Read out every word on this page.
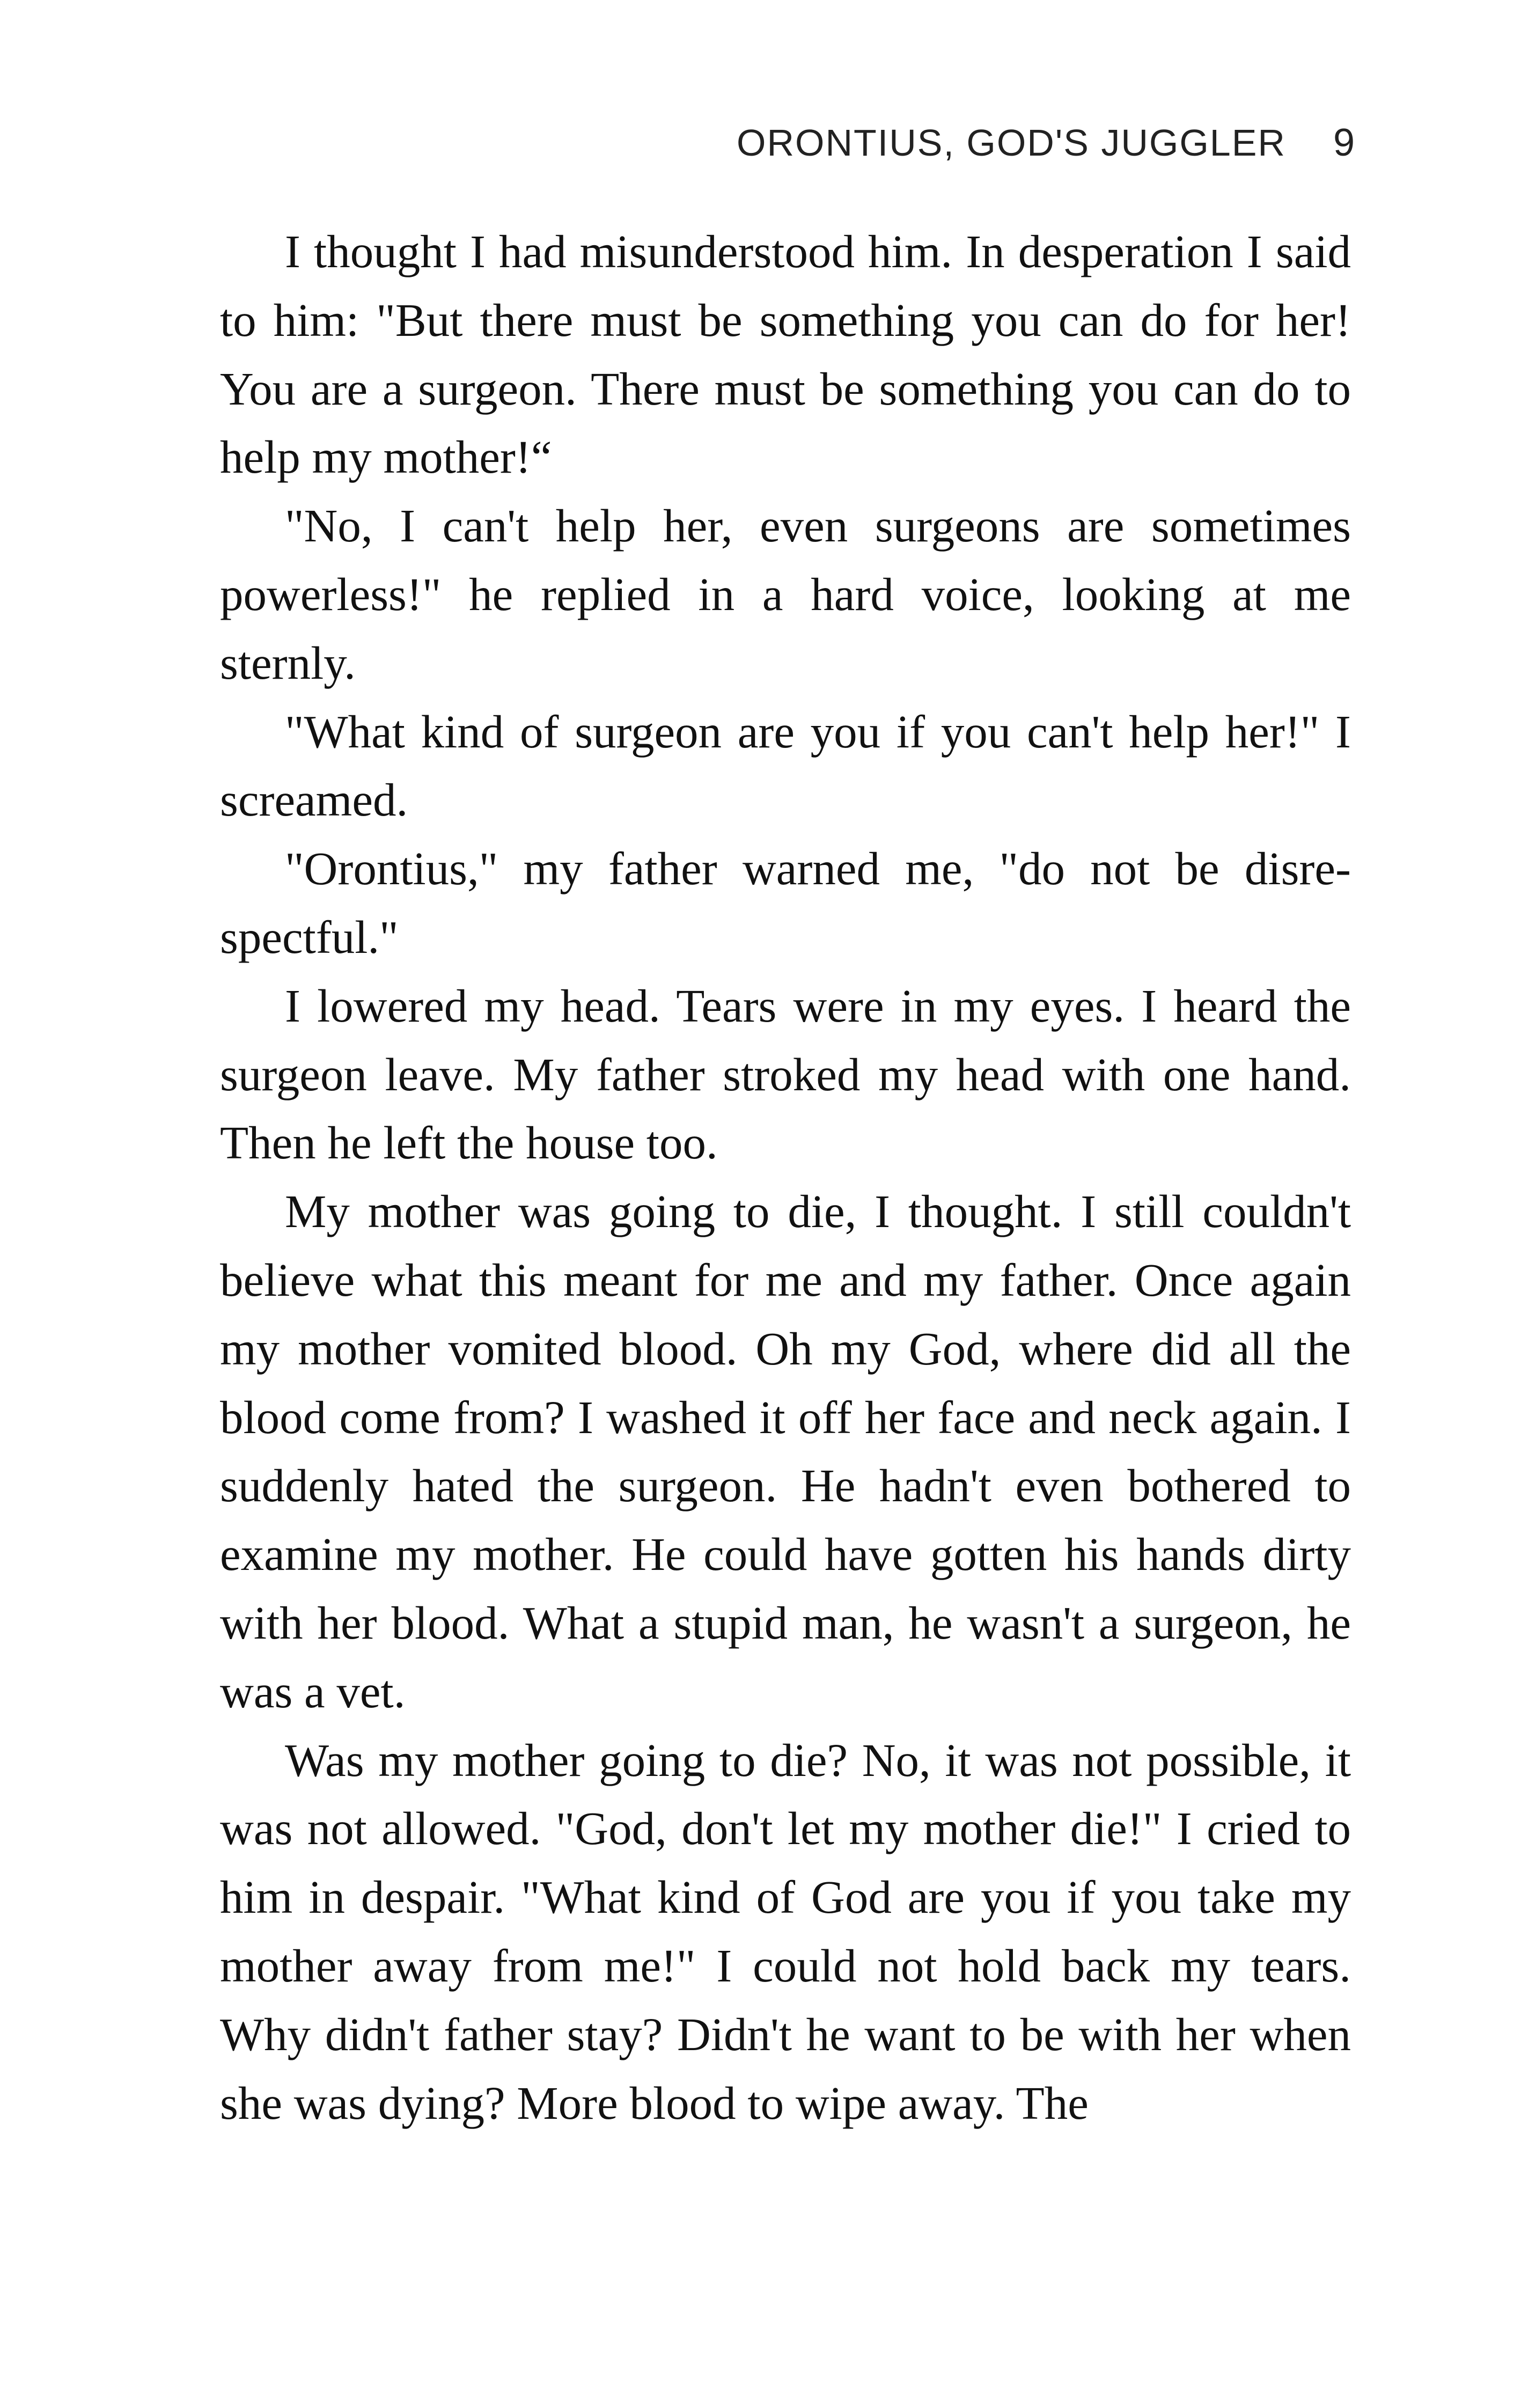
ORONTIUS, GOD'S JUGGLER 9

I thought I had misunderstood him. In desperation I said to him: "But there must be something you can do for her! You are a surgeon. There must be something you can do to help my mother!“

"No, I can't help her, even surgeons are sometimes powerless!" he replied in a hard voice, looking at me sternly.

"What kind of surgeon are you if you can't help her!" I screamed.

"Orontius," my father warned me, "do not be disrespectful."

I lowered my head. Tears were in my eyes. I heard the surgeon leave. My father stroked my head with one hand. Then he left the house too.

My mother was going to die, I thought. I still couldn't believe what this meant for me and my father. Once again my mother vomited blood. Oh my God, where did all the blood come from? I washed it off her face and neck again. I suddenly hated the surgeon. He hadn't even bothered to examine my mother. He could have gotten his hands dirty with her blood. What a stupid man, he wasn't a surgeon, he was a vet.

Was my mother going to die? No, it was not possible, it was not allowed. "God, don't let my mother die!" I cried to him in despair. "What kind of God are you if you take my mother away from me!" I could not hold back my tears. Why didn't father stay? Didn't he want to be with her when she was dying? More blood to wipe away. The
